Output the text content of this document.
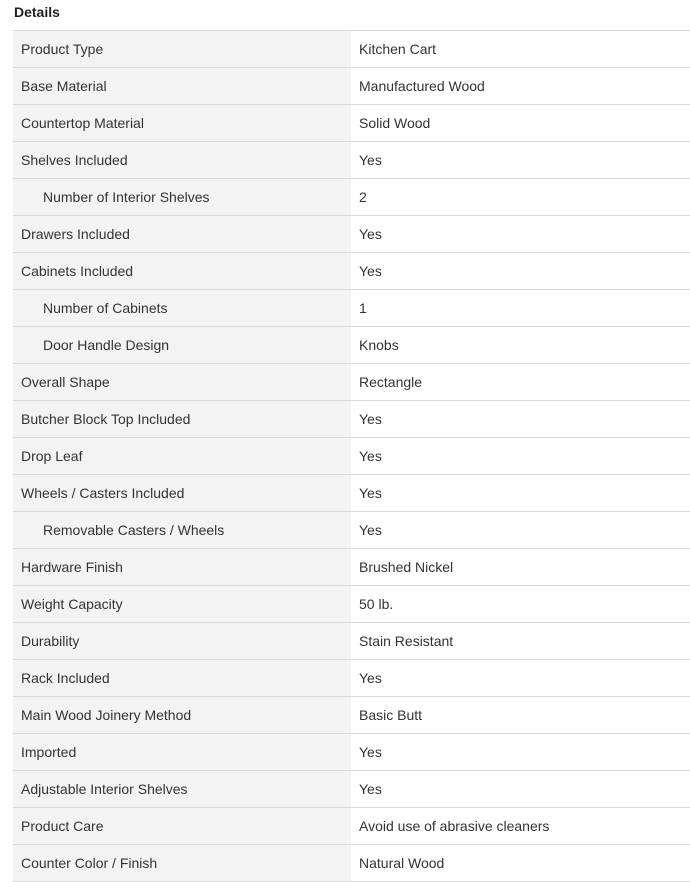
Details
Product Type	Kitchen Cart
Base Material	Manufactured Wood
Countertop Material	Solid Wood
Shelves Included	Yes
Number of Interior Shelves	2
Drawers Included	Yes
Cabinets Included	Yes
Number of Cabinets	1
Door Handle Design	Knobs
Overall Shape	Rectangle
Butcher Block Top Included	Yes
Drop Leaf	Yes
Wheels / Casters Included	Yes
Removable Casters / Wheels	Yes
Hardware Finish	Brushed Nickel
Weight Capacity	50 lb.
Durability	Stain Resistant
Rack Included	Yes
Main Wood Joinery Method	Basic Butt
Imported	Yes
Adjustable Interior Shelves	Yes
Product Care	Avoid use of abrasive cleaners
Counter Color / Finish	Natural Wood
